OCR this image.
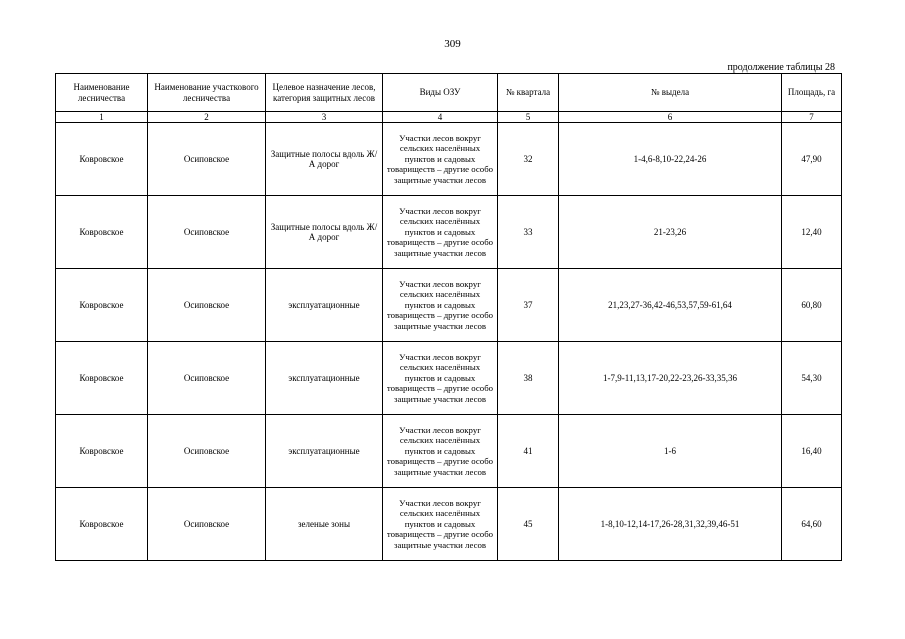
309
продолжение таблицы 28
Наименование лесничества	Наименование участкового лесничества	Целевое назначение лесов, категория защитных лесов	Виды ОЗУ	№ квартала	№ выдела	Площадь, га
1	2	3	4	5	6	7
Ковровское	Осиповское	Защитные полосы вдоль Ж/А дорог	Участки лесов вокруг сельских населённых пунктов и садовых товариществ – другие особо защитные участки лесов	32	1-4,6-8,10-22,24-26	47,90
Ковровское	Осиповское	Защитные полосы вдоль Ж/А дорог	Участки лесов вокруг сельских населённых пунктов и садовых товариществ – другие особо защитные участки лесов	33	21-23,26	12,40
Ковровское	Осиповское	эксплуатационные	Участки лесов вокруг сельских населённых пунктов и садовых товариществ – другие особо защитные участки лесов	37	21,23,27-36,42-46,53,57,59-61,64	60,80
Ковровское	Осиповское	эксплуатационные	Участки лесов вокруг сельских населённых пунктов и садовых товариществ – другие особо защитные участки лесов	38	1-7,9-11,13,17-20,22-23,26-33,35,36	54,30
Ковровское	Осиповское	эксплуатационные	Участки лесов вокруг сельских населённых пунктов и садовых товариществ – другие особо защитные участки лесов	41	1-6	16,40
Ковровское	Осиповское	зеленые зоны	Участки лесов вокруг сельских населённых пунктов и садовых товариществ – другие особо защитные участки лесов	45	1-8,10-12,14-17,26-28,31,32,39,46-51	64,60
